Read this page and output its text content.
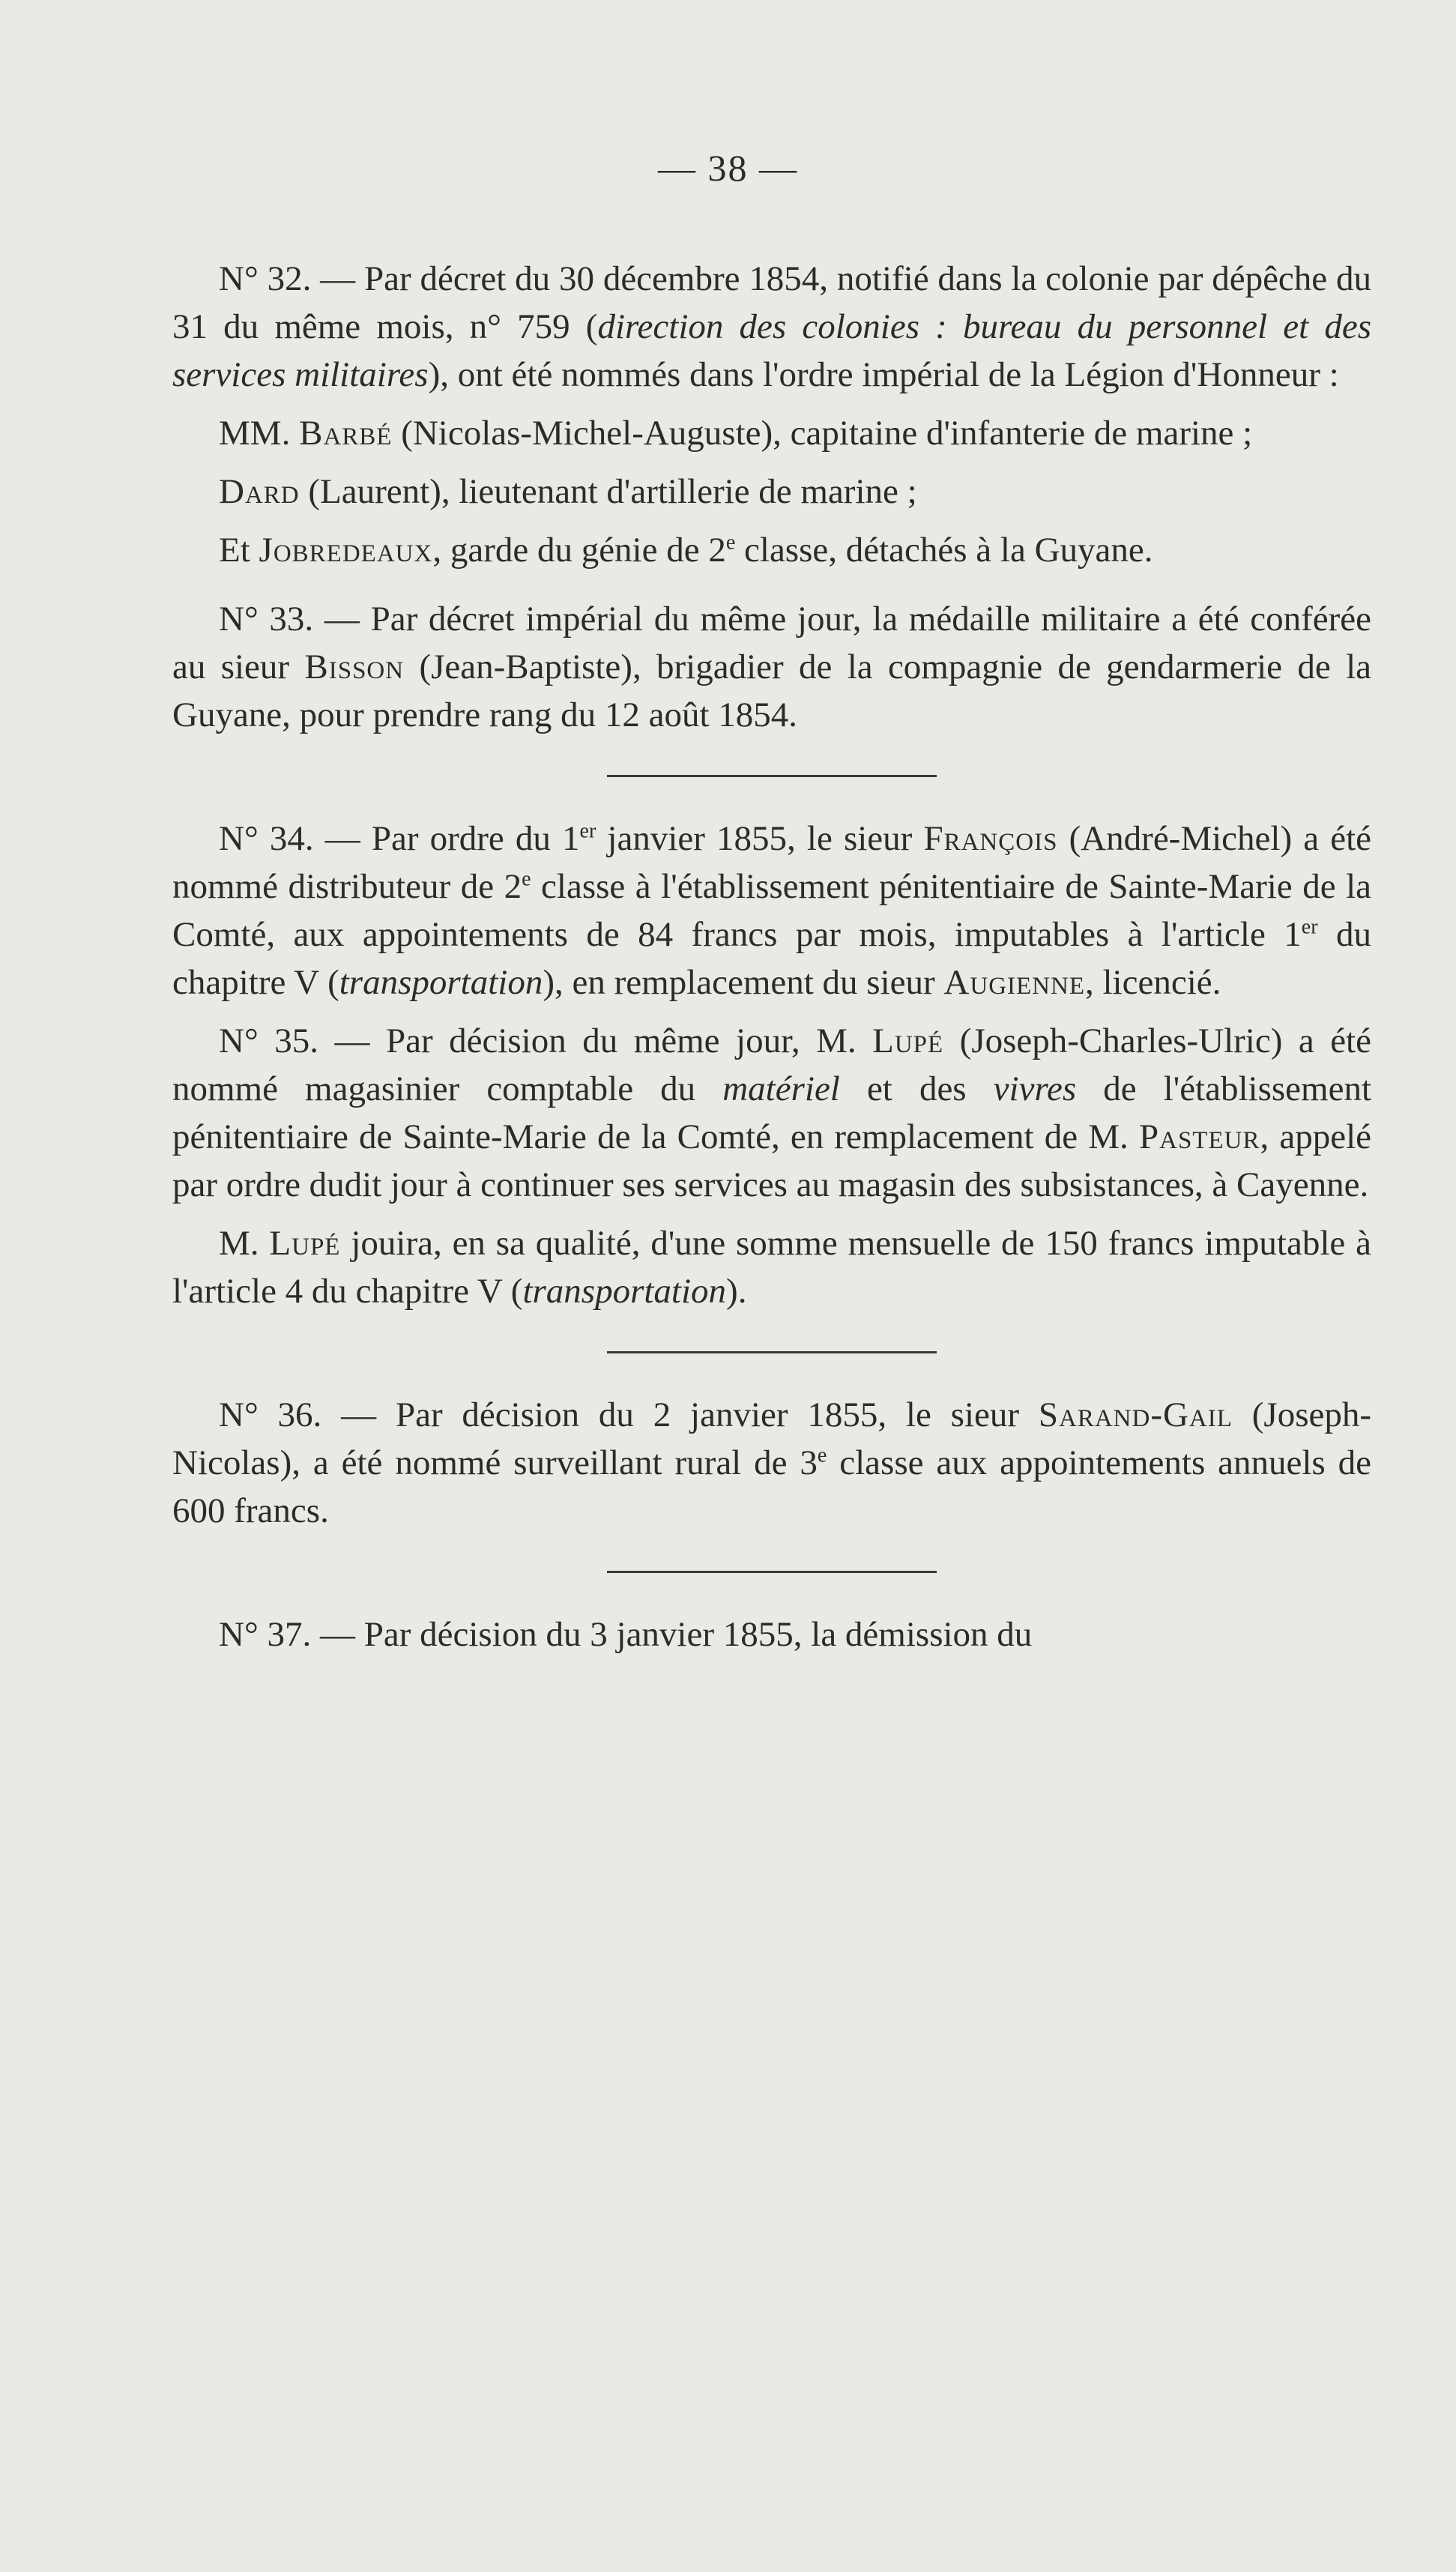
— 38 —

N° 32. — Par décret du 30 décembre 1854, notifié dans la colonie par dépêche du 31 du même mois, n° 759 (direction des colonies : bureau du personnel et des services militaires), ont été nommés dans l'ordre impérial de la Légion d'Honneur :

MM. Barbé (Nicolas-Michel-Auguste), capitaine d'infanterie de marine ;

Dard (Laurent), lieutenant d'artillerie de marine ;

Et Jobredeaux, garde du génie de 2e classe, détachés à la Guyane.

N° 33. — Par décret impérial du même jour, la médaille militaire a été conférée au sieur Bisson (Jean-Baptiste), brigadier de la compagnie de gendarmerie de la Guyane, pour prendre rang du 12 août 1854.

N° 34. — Par ordre du 1er janvier 1855, le sieur François (André-Michel) a été nommé distributeur de 2e classe à l'établissement pénitentiaire de Sainte-Marie de la Comté, aux appointements de 84 francs par mois, imputables à l'article 1er du chapitre V (transportation), en remplacement du sieur Augienne, licencié.

N° 35. — Par décision du même jour, M. Lupé (Joseph-Charles-Ulric) a été nommé magasinier comptable du matériel et des vivres de l'établissement pénitentiaire de Sainte-Marie de la Comté, en remplacement de M. Pasteur, appelé par ordre dudit jour à continuer ses services au magasin des subsistances, à Cayenne.

M. Lupé jouira, en sa qualité, d'une somme mensuelle de 150 francs imputable à l'article 4 du chapitre V (transportation).

N° 36. — Par décision du 2 janvier 1855, le sieur Sarand-Gail (Joseph-Nicolas), a été nommé surveillant rural de 3e classe aux appointements annuels de 600 francs.

N° 37. — Par décision du 3 janvier 1855, la démission du
